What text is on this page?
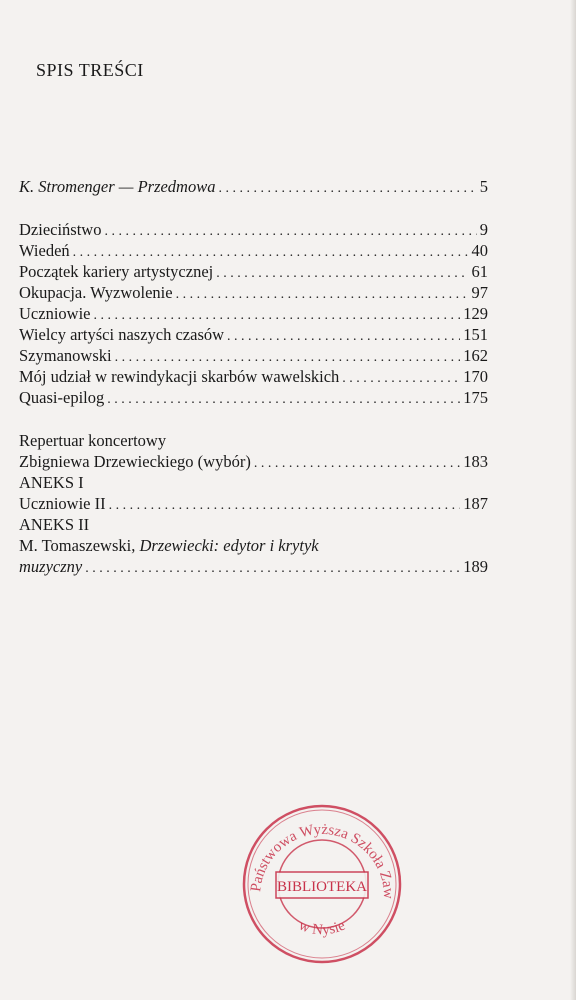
SPIS TREŚCI
K. Stromenger — Przedmowa . . .	5
Dzieciństwo . . .	9
Wiedeń . . .	40
Początek kariery artystycznej . . .	61
Okupacja. Wyzwolenie . . .	97
Uczniowie . . .	129
Wielcy artyści naszych czasów . . .	151
Szymanowski . . .	162
Mój udział w rewindykacji skarbów wawelskich . . .	170
Quasi-epilog . . .	175
Repertuar koncertowy
Zbigniewa Drzewieckiego (wybór) . . .	183
ANEKS I
Uczniowie II . . .	187
ANEKS II
M. Tomaszewski, Drzewiecki: edytor i krytyk
muzyczny . . .	189
Państwowa Wyższa Szkoła Zaw
w Nysie
BIBLIOTEKA
